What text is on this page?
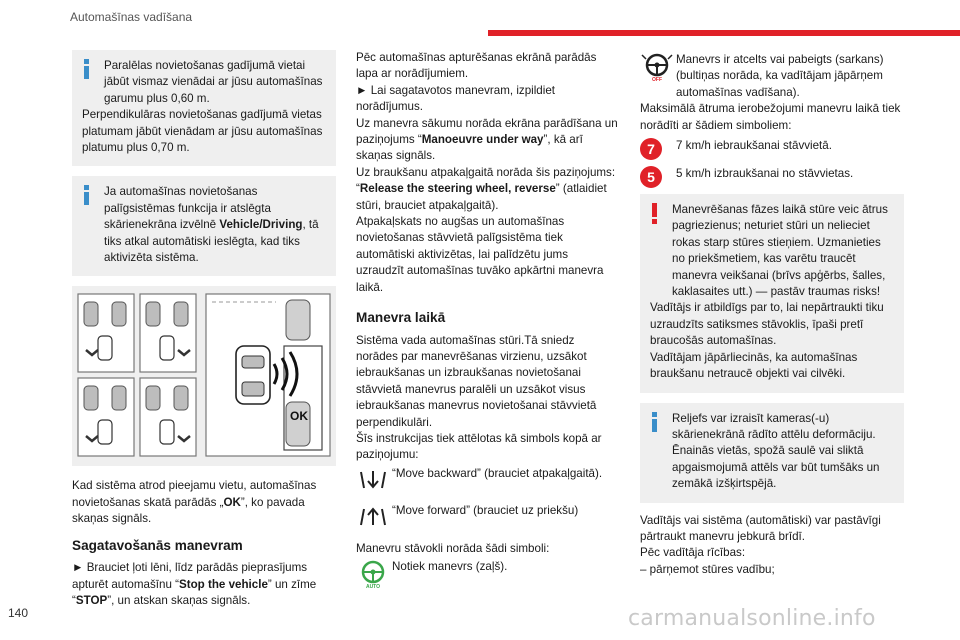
Automašīnas vadīšana

Paralēlas novietošanas gadījumā vietai jābūt vismaz vienādai ar jūsu automašīnas garumu plus 0,60 m.

Perpendikulāras novietošanas gadījumā vietas platumam jābūt vienādam ar jūsu automašīnas platumu plus 0,70 m.

Ja automašīnas novietošanas palīgsistēmas funkcija ir atslēgta skārienekrāna izvēlnē Vehicle/Driving, tā tiks atkal automātiski ieslēgta, kad tiks aktivizēta sistēma.

OK

Kad sistēma atrod pieejamu vietu, automašīnas novietošanas skatā parādās „OK”, ko pavada skaņas signāls.

Sagatavošanās manevram

► Brauciet ļoti lēni, līdz parādās pieprasījums apturēt automašīnu “Stop the vehicle” un zīme “STOP”, un atskan skaņas signāls.

Pēc automašīnas apturēšanas ekrānā parādās lapa ar norādījumiem.

► Lai sagatavotos manevram, izpildiet norādījumus.

Uz manevra sākumu norāda ekrāna parādīšana un paziņojums “Manoeuvre under way”, kā arī skaņas signāls.

Uz braukšanu atpakaļgaitā norāda šis paziņojums: “Release the steering wheel, reverse” (atlaidiet stūri, brauciet atpakaļgaitā).

Atpakaļskats no augšas un automašīnas novietošanas stāvvietā palīgsistēma tiek automātiski aktivizētas, lai palīdzētu jums uzraudzīt automašīnas tuvāko apkārtni manevra laikā.

Manevra laikā

Sistēma vada automašīnas stūri.Tā sniedz norādes par manevrēšanas virzienu, uzsākot iebraukšanas un izbraukšanas novietošanai stāvvietā manevrus paralēli un uzsākot visus iebraukšanas manevrus novietošanai stāvvietā perpendikulāri.

Šīs instrukcijas tiek attēlotas kā simbols kopā ar paziņojumu:

“Move backward” (brauciet atpakaļgaitā).
“Move forward” (brauciet uz priekšu)

Manevru stāvokli norāda šādi simboli:

AUTO
Notiek manevrs (zaļš).
OFF
Manevrs ir atcelts vai pabeigts (sarkans) (bultiņas norāda, ka vadītājam jāpārņem automašīnas vadīšana).

Maksimālā ātruma ierobežojumi manevru laikā tiek norādīti ar šādiem simboliem:

7	7 km/h iebraukšanai stāvvietā.
5	5 km/h izbraukšanai no stāvvietas.

Manevrēšanas fāzes laikā stūre veic ātrus pagriezienus; neturiet stūri un nelieciet rokas starp stūres stieņiem. Uzmanieties no priekšmetiem, kas varētu traucēt manevra veikšanai (brīvs apģērbs, šalles, kaklasaites utt.) — pastāv traumas risks!

Vadītājs ir atbildīgs par to, lai nepārtraukti tiku uzraudzīts satiksmes stāvoklis, īpaši pretī braucošās automašīnas.

Vadītājam jāpārliecinās, ka automašīnas braukšanu netraucē objekti vai cilvēki.

Reljefs var izraisīt kameras(-u) skārienekrānā rādīto attēlu deformāciju. Ēnainās vietās, spožā saulē vai sliktā apgaismojumā attēls var būt tumšāks un zemākā izšķirtspējā.

Vadītājs vai sistēma (automātiski) var pastāvīgi pārtraukt manevru jebkurā brīdī.

Pēc vadītāja rīcības:

– pārņemot stūres vadību;

140	carmanualsonline.info
